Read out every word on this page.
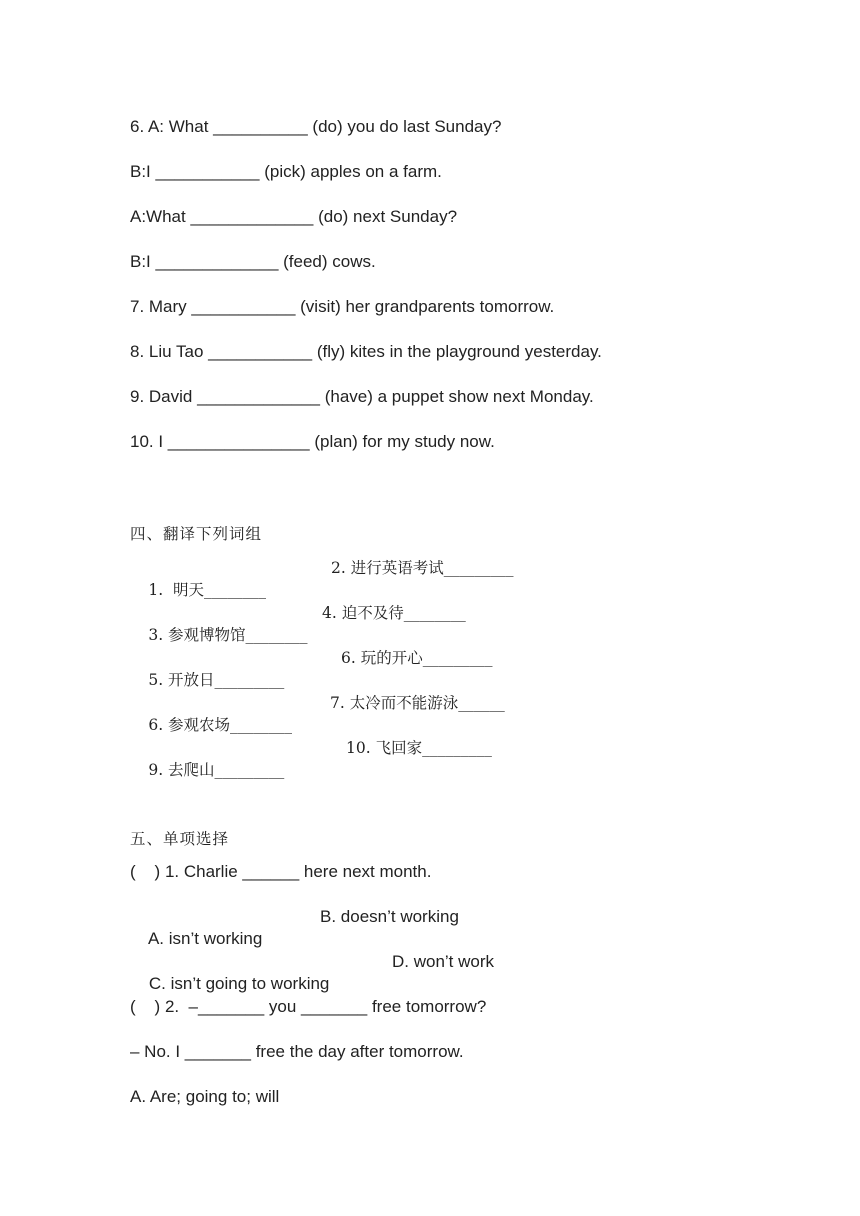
6. A: What __________ (do) you do last Sunday?

B:I ___________ (pick) apples on a farm.

A:What _____________ (do) next Sunday?

B:I _____________ (feed) cows.

7. Mary ___________ (visit) her grandparents tomorrow.

8. Liu Tao ___________ (fly) kites in the playground yesterday.

9. David _____________ (have) a puppet show next Monday.

10. I _______________ (plan) for my study now.

四、翻译下列词组

1.  明天________

2. 进行英语考试_________

3. 参观博物馆________

4. 迫不及待________

5. 开放日_________

6. 玩的开心_________

6. 参观农场________

7. 太冷而不能游泳______

9. 去爬山_________

10. 飞回家_________

五、单项选择

(    ) 1. Charlie ______ here next month.

A. isn’t working

B. doesn’t working

C. isn’t going to working

D. won’t work

(    ) 2.  –_______ you _______ free tomorrow?

– No. I _______ free the day after tomorrow.

A. Are; going to; will
